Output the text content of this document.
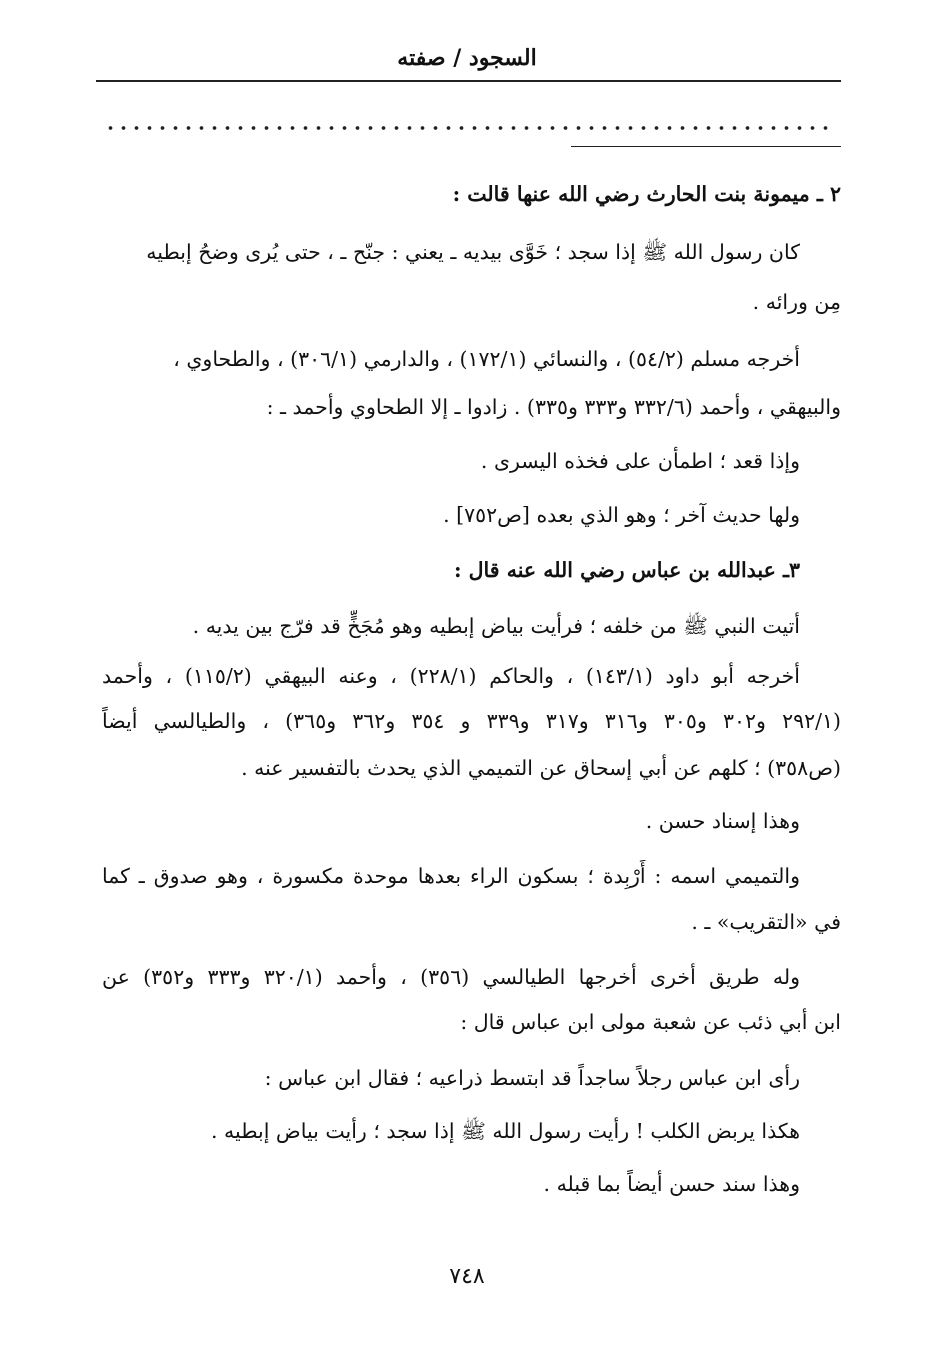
السجود / صفته
٢ ـ ميمونة بنت الحارث رضي الله عنها قالت :
كان رسول الله ﷺ إذا سجد ؛ خَوَّى بيديه ـ يعني : جنّح ـ ، حتى يُرى وضحُ إبطيه
مِن ورائه .
أخرجه مسلم (٥٤/٢) ، والنسائي (١٧٢/١) ، والدارمي (٣٠٦/١) ، والطحاوي ،
والبيهقي ، وأحمد (٣٣٢/٦ و٣٣٣ و٣٣٥) . زادوا ـ إلا الطحاوي وأحمد ـ :
وإذا قعد ؛ اطمأن على فخذه اليسرى .
ولها حديث آخر ؛ وهو الذي بعده [ص٧٥٢] .
٣ـ عبدالله بن عباس رضي الله عنه قال :
أتيت النبي ﷺ من خلفه ؛ فرأيت بياض إبطيه وهو مُجَخٍّ قد فرّج بين يديه .
أخرجه أبو داود (١٤٣/١) ، والحاكم (٢٢٨/١) ، وعنه البيهقي (١١٥/٢) ، وأحمد
(٢٩٢/١ و٣٠٢ و٣٠٥ و٣١٦ و٣١٧ و٣٣٩ و ٣٥٤ و٣٦٢ و٣٦٥) ، والطيالسي أيضاً
(ص٣٥٨) ؛ كلهم عن أبي إسحاق عن التميمي الذي يحدث بالتفسير عنه .
وهذا إسناد حسن .
والتميمي اسمه : أَرْبِدة ؛ بسكون الراء بعدها موحدة مكسورة ، وهو صدوق ـ كما
في «التقريب» ـ .
وله طريق أخرى أخرجها الطيالسي (٣٥٦) ، وأحمد (٣٢٠/١ و٣٣٣ و٣٥٢) عن
ابن أبي ذئب عن شعبة مولى ابن عباس قال :
رأى ابن عباس رجلاً ساجداً قد ابتسط ذراعيه ؛ فقال ابن عباس :
هكذا يربض الكلب ! رأيت رسول الله ﷺ إذا سجد ؛ رأيت بياض إبطيه .
وهذا سند حسن أيضاً بما قبله .
٧٤٨
